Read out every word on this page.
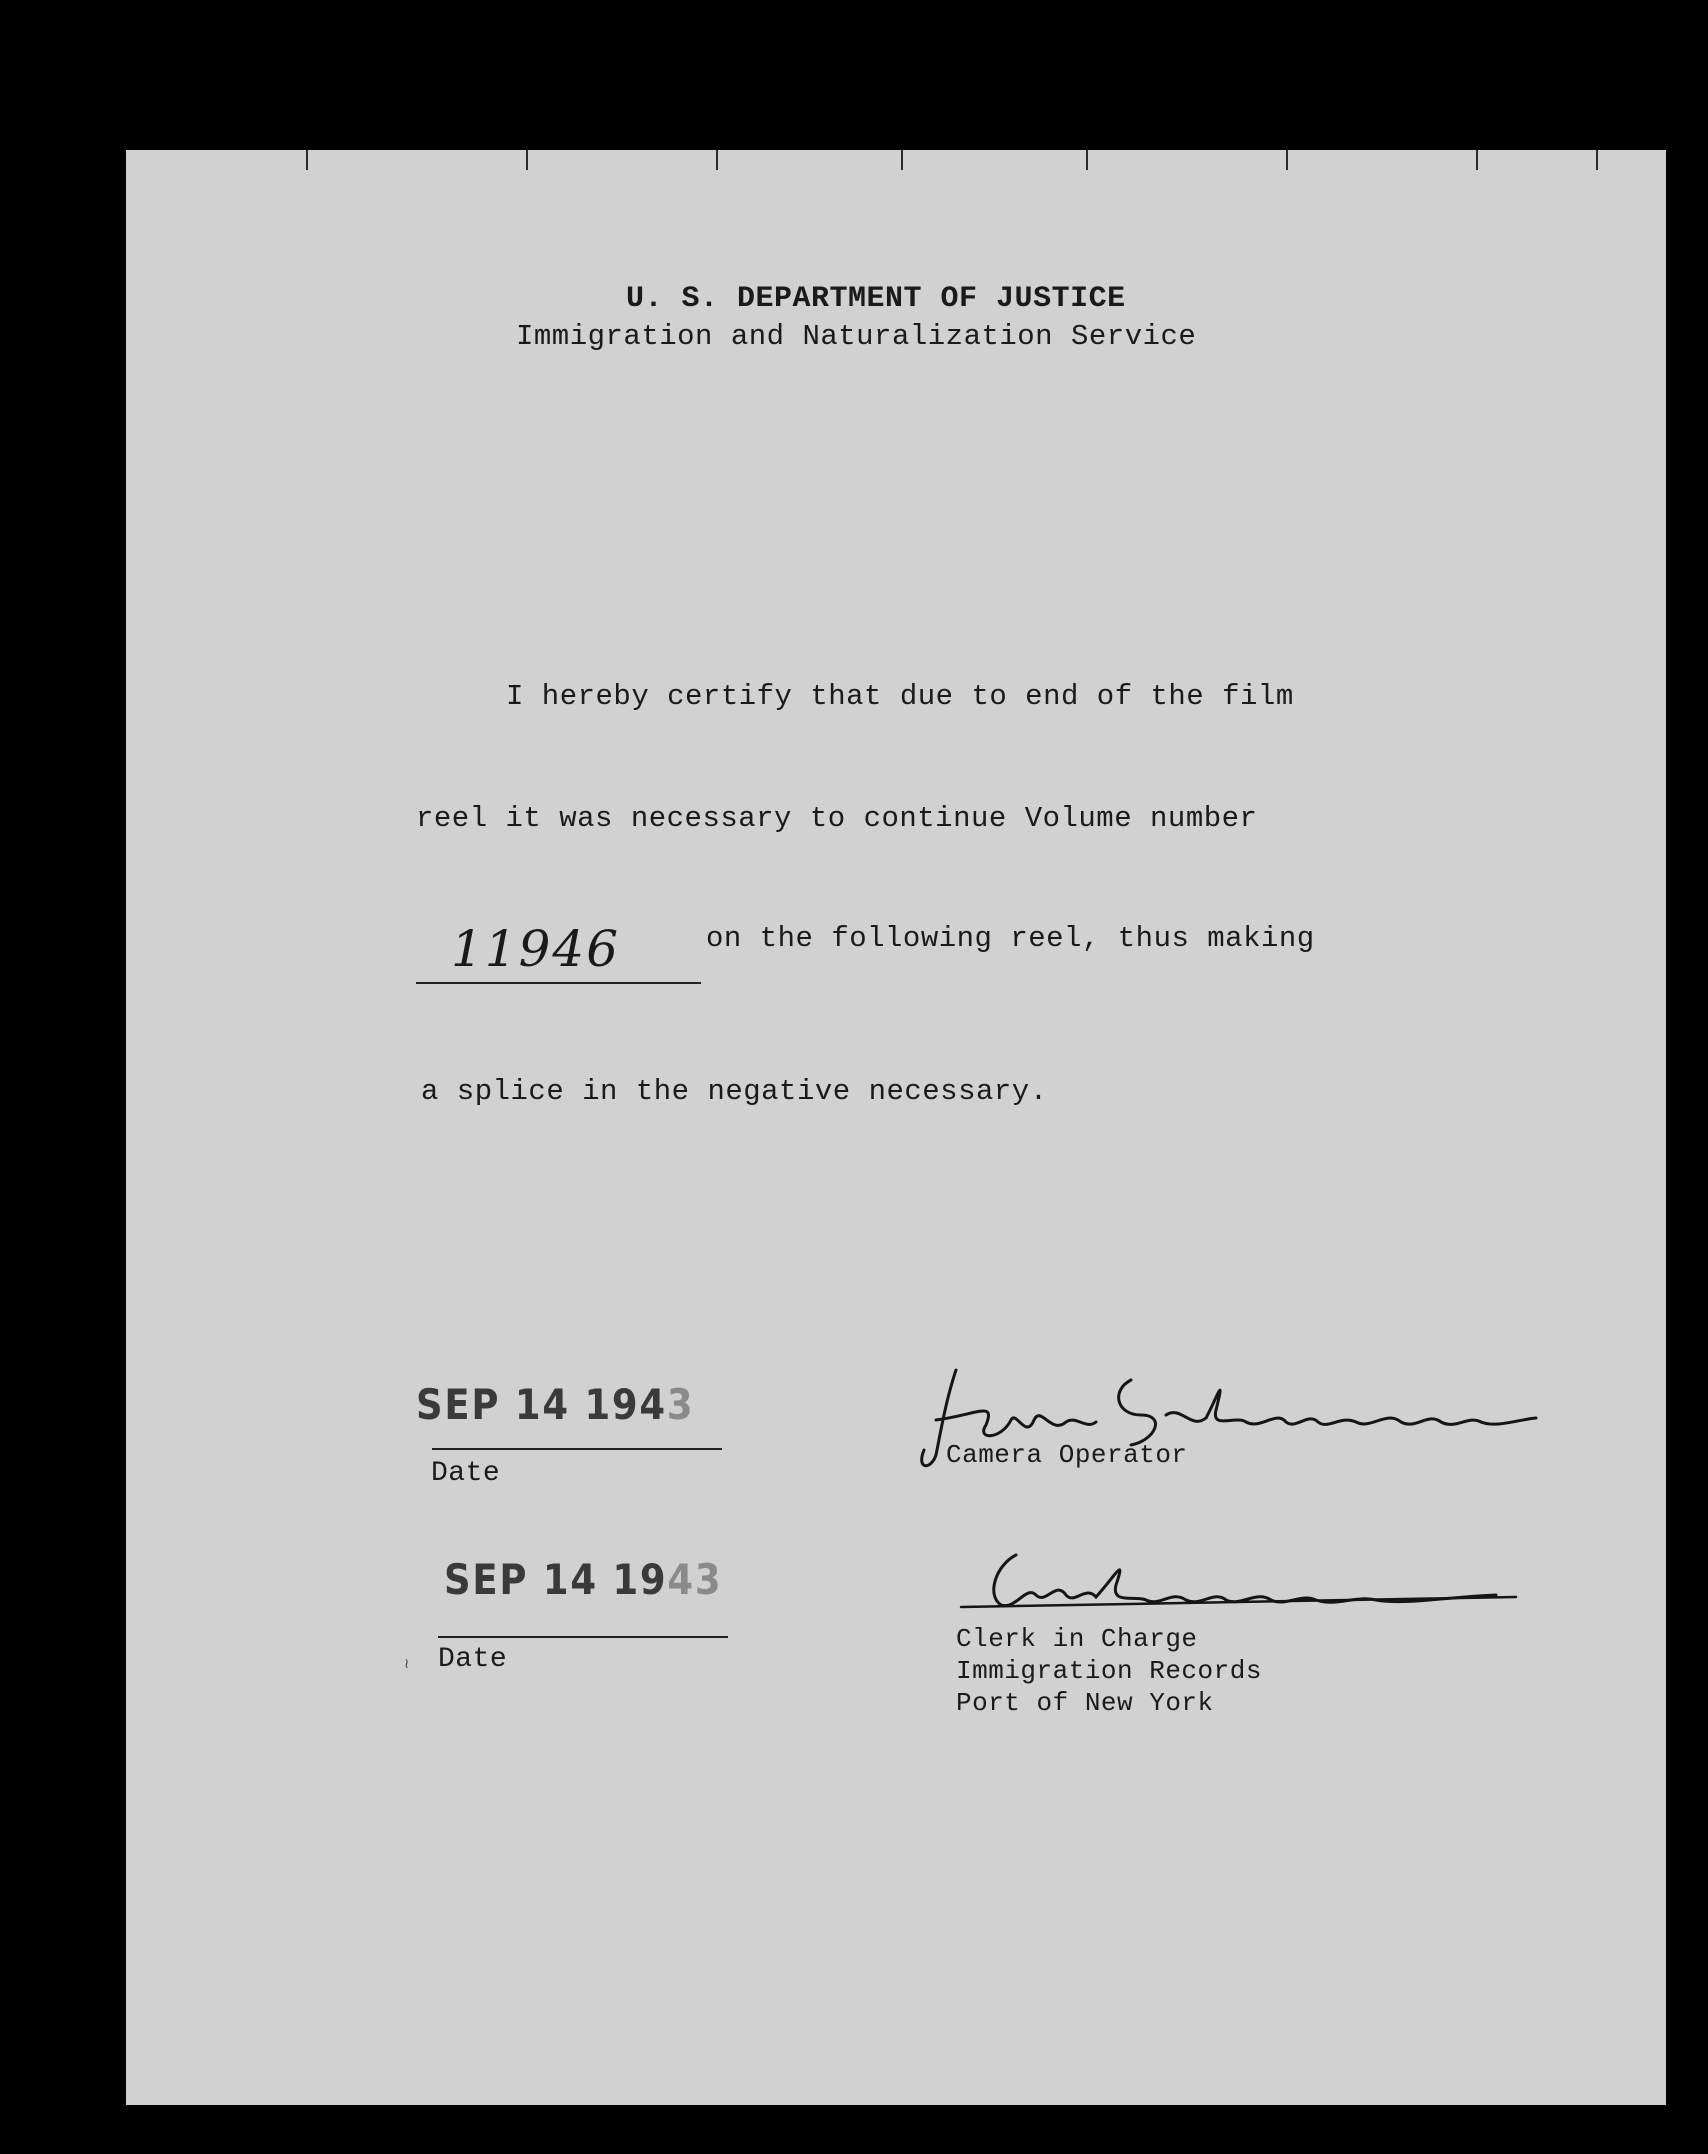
U. S. DEPARTMENT OF JUSTICE
Immigration and Naturalization Service
I hereby certify that due to end of the film
reel it was necessary to continue Volume number
11946	on the following reel, thus making
a splice in the negative necessary.
SEP 14 1943
Date
SEP 14 1943
≀ Date
Camera Operator
Clerk in Charge
Immigration Records
Port of New York
